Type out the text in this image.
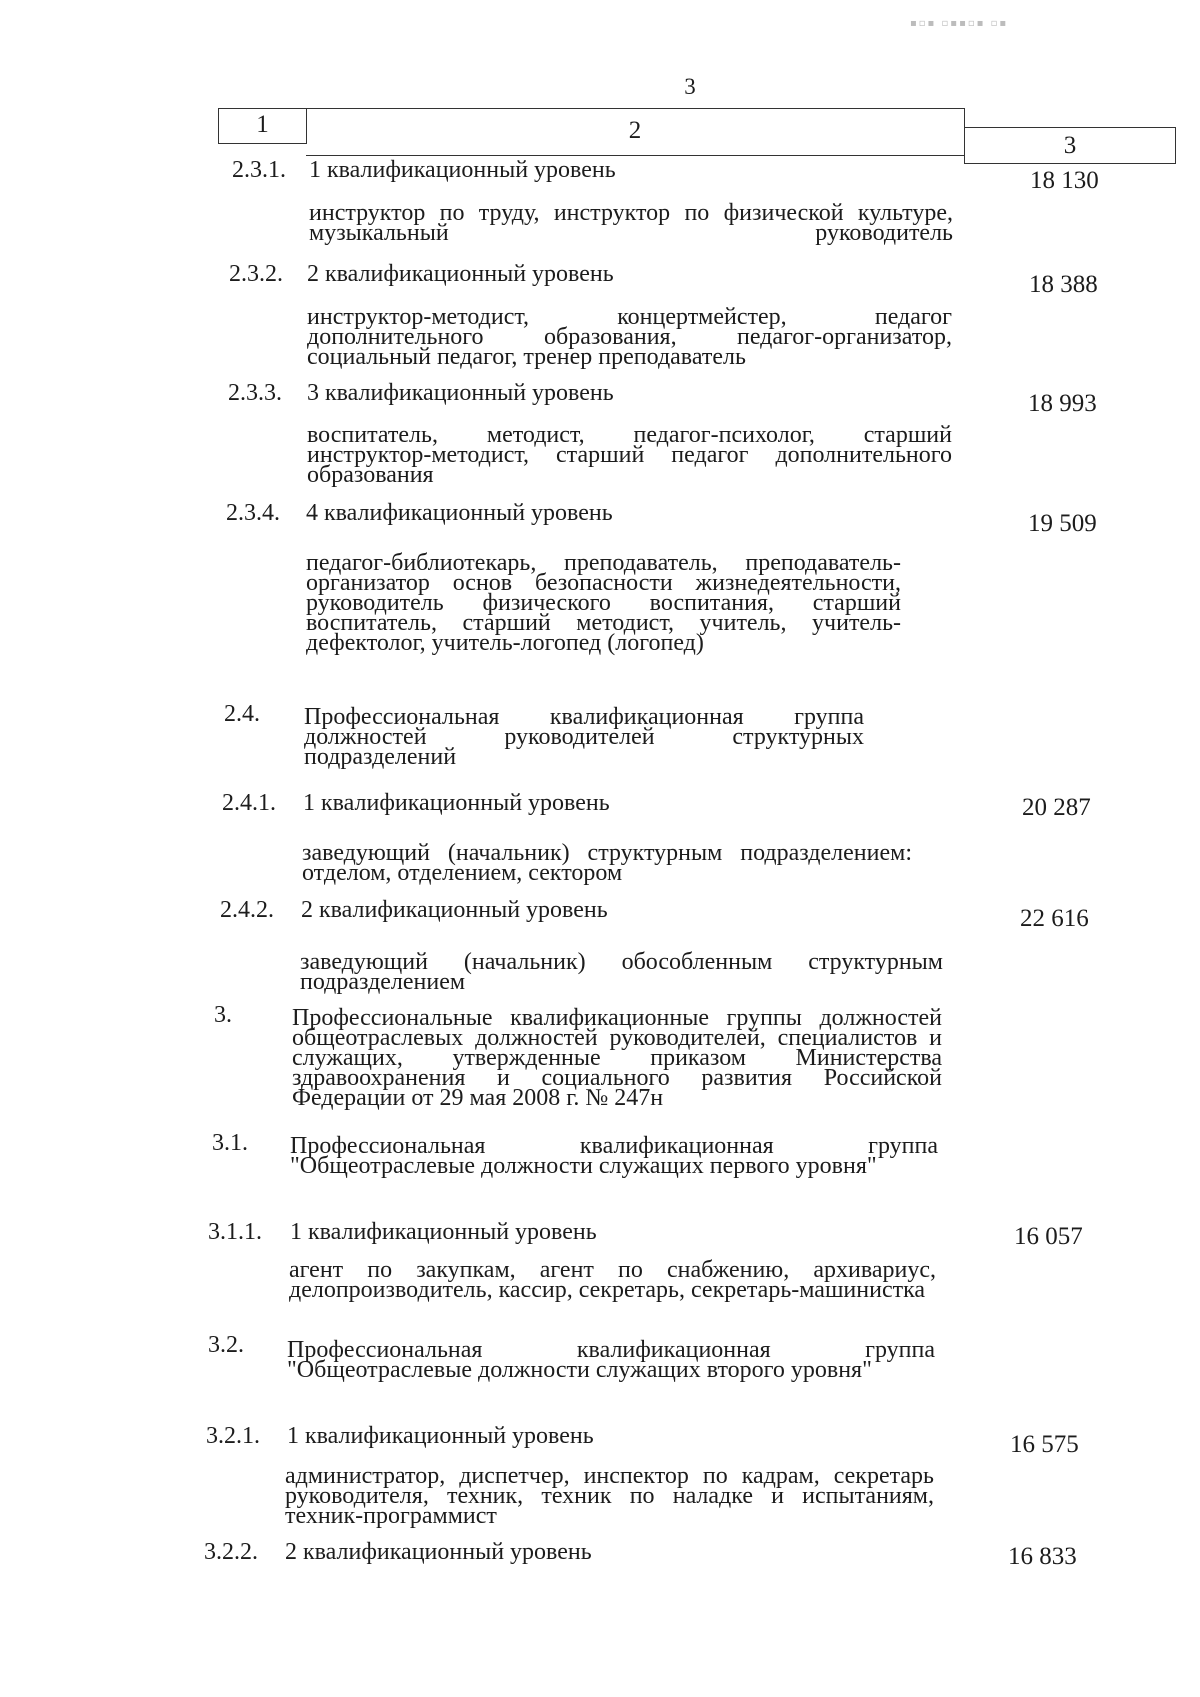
3
▪▫▪ ▫▪▪▫▪ ▫▪
1	2
3
2.3.1. 1 квалификационный уровень	18 130
инструктор по труду, инструктор по физической культуре, музыкальный руководитель
2.3.2. 2 квалификационный уровень	18 388
инструктор-методист, концертмейстер, педагог дополнительного образования, педагог-организатор, социальный педагог, тренер преподаватель
2.3.3. 3 квалификационный уровень	18 993
воспитатель, методист, педагог-психолог, старший инструктор-методист, старший педагог дополнительного образования
2.3.4. 4 квалификационный уровень	19 509
педагог-библиотекарь, преподаватель, преподаватель-организатор основ безопасности жизнедеятельности, руководитель физического воспитания, старший воспитатель, старший методист, учитель, учитель-дефектолог, учитель-логопед (логопед)
2.4. Профессиональная квалификационная группа должностей руководителей структурных подразделений
2.4.1. 1 квалификационный уровень	20 287
заведующий (начальник) структурным подразделением: отделом, отделением, сектором
2.4.2. 2 квалификационный уровень	22 616
заведующий (начальник) обособленным структурным подразделением
3.	Профессиональные квалификационные группы должностей общеотраслевых должностей руководителей, специалистов и служащих, утвержденные приказом Министерства здравоохранения и социального развития Российской Федерации от 29 мая 2008 г. № 247н
3.1. Профессиональная квалификационная группа "Общеотраслевые должности служащих первого уровня"
3.1.1. 1 квалификационный уровень	16 057
агент по закупкам, агент по снабжению, архивариус, делопроизводитель, кассир, секретарь, секретарь-машинистка
3.2. Профессиональная квалификационная группа "Общеотраслевые должности служащих второго уровня"
3.2.1. 1 квалификационный уровень	16 575
администратор, диспетчер, инспектор по кадрам, секретарь руководителя, техник, техник по наладке и испытаниям, техник-программист
3.2.2. 2 квалификационный уровень	16 833
